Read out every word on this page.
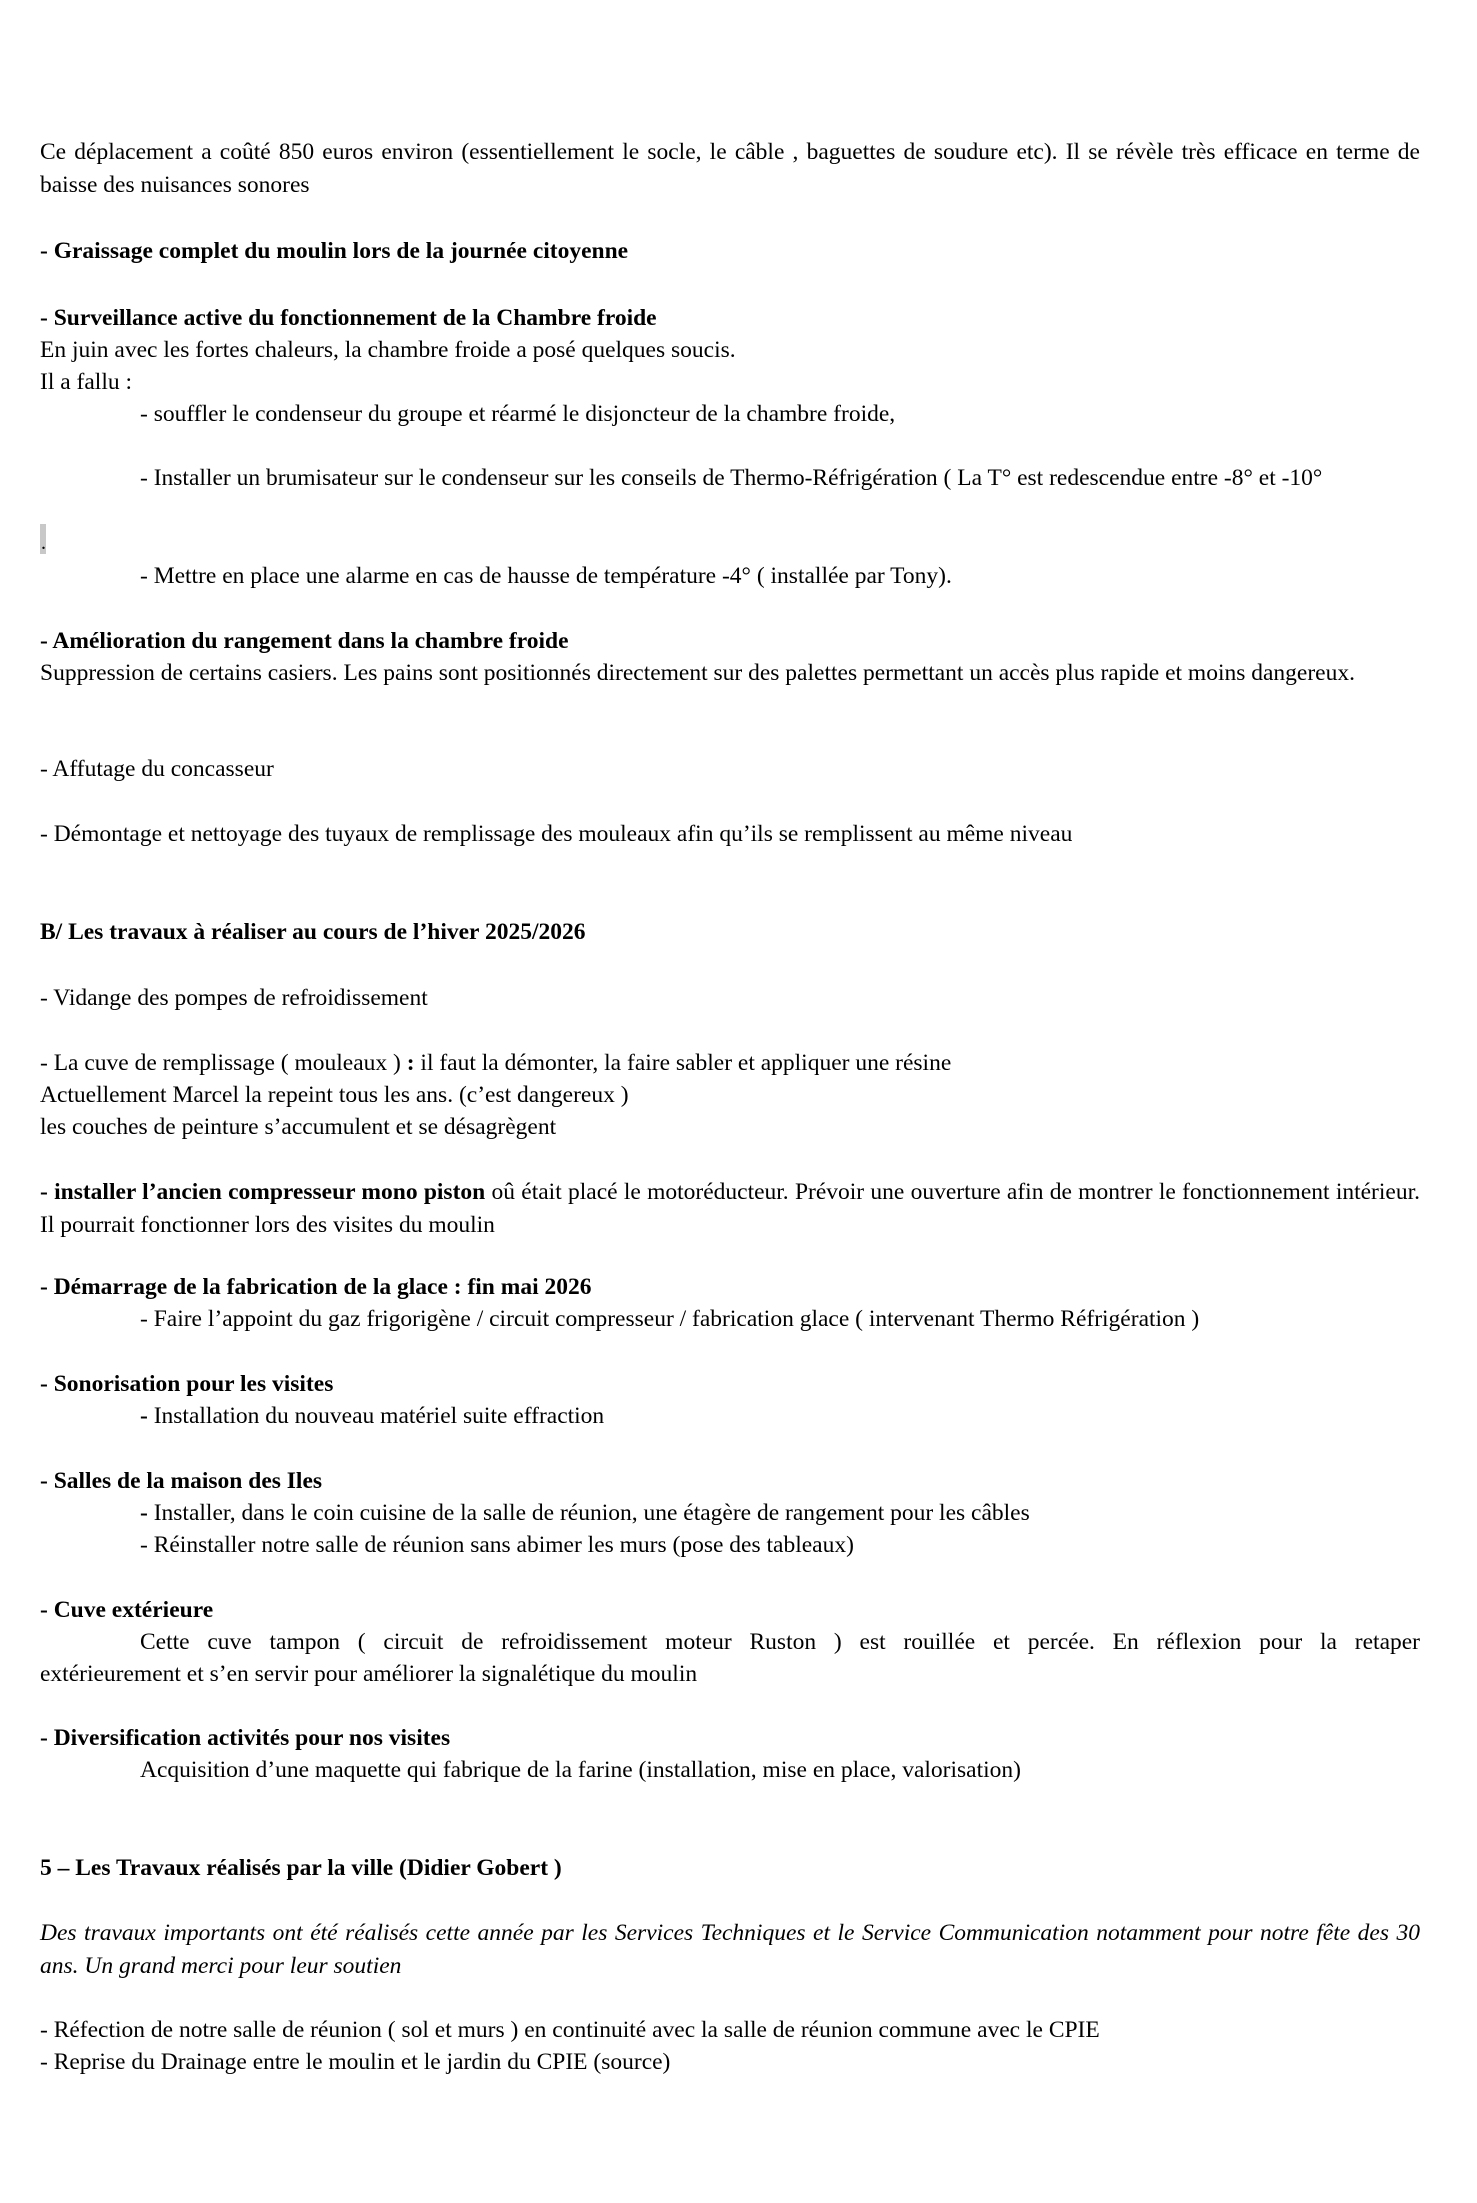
Ce déplacement a coûté 850 euros environ (essentiellement le socle, le câble , baguettes de soudure etc). Il se révèle très efficace en terme de baisse des nuisances sonores
- Graissage complet du moulin lors de la journée citoyenne
- Surveillance active du fonctionnement de la Chambre froide
En juin avec les fortes chaleurs, la chambre froide a posé quelques soucis.
Il a fallu :
- souffler le condenseur du groupe et réarmé le disjoncteur de la chambre froide,
- Installer un brumisateur sur le condenseur sur les conseils de Thermo-Réfrigération ( La T° est redescendue entre -8° et -10°
.
- Mettre en place une alarme en cas de hausse de température -4° ( installée par Tony).
- Amélioration du rangement dans la chambre froide
Suppression de certains casiers. Les pains sont positionnés directement sur des palettes permettant un accès plus rapide et moins dangereux.
- Affutage du concasseur
- Démontage et nettoyage des tuyaux de remplissage des mouleaux afin qu’ils se remplissent au même niveau
B/ Les travaux à réaliser au cours de l’hiver 2025/2026
- Vidange des pompes de refroidissement
- La cuve de remplissage ( mouleaux ) : il faut la démonter, la faire sabler et appliquer une résine
Actuellement Marcel la repeint tous les ans. (c’est dangereux )
les couches de peinture s’accumulent et se désagrègent
- installer l’ancien compresseur mono piston oû était placé le motoréducteur. Prévoir une ouverture afin de montrer le fonctionnement intérieur. Il pourrait fonctionner lors des visites du moulin
- Démarrage de la fabrication de la glace : fin mai 2026
- Faire l’appoint du gaz frigorigène / circuit compresseur / fabrication glace ( intervenant Thermo Réfrigération )
- Sonorisation pour les visites
- Installation du nouveau matériel suite effraction
- Salles de la maison des Iles
- Installer, dans le coin cuisine de la salle de réunion, une étagère de rangement pour les câbles
- Réinstaller notre salle de réunion sans abimer les murs (pose des tableaux)
- Cuve extérieure
Cette cuve tampon ( circuit de refroidissement moteur Ruston ) est rouillée et percée. En réflexion pour la retaper
extérieurement et s’en servir pour améliorer la signalétique du moulin
- Diversification activités pour nos visites
Acquisition d’une maquette qui fabrique de la farine (installation, mise en place, valorisation)
5 – Les Travaux réalisés par la ville (Didier Gobert )
Des travaux importants ont été réalisés cette année par les Services Techniques et le Service Communication notamment pour notre fête des 30 ans. Un grand merci pour leur soutien
- Réfection de notre salle de réunion ( sol et murs ) en continuité avec la salle de réunion commune avec le CPIE
- Reprise du Drainage entre le moulin et le jardin du CPIE (source)
